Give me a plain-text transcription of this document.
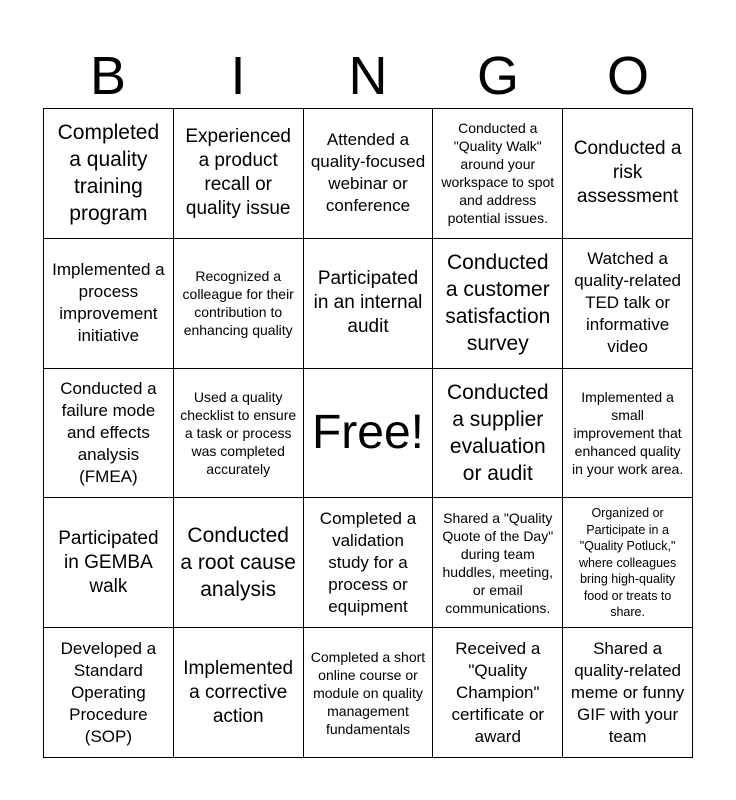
B	I	N	G	O
Completed a quality training program
Experienced a product recall or quality issue
Attended a quality-focused webinar or conference
Conducted a "Quality Walk" around your workspace to spot and address potential issues.
Conducted a risk assessment
Implemented a process improvement initiative
Recognized a colleague for their contribution to enhancing quality
Participated in an internal audit
Conducted a customer satisfaction survey
Watched a quality-related TED talk or informative video
Conducted a failure mode and effects analysis (FMEA)
Used a quality checklist to ensure a task or process was completed accurately
Free!
Conducted a supplier evaluation or audit
Implemented a small improvement that enhanced quality in your work area.
Participated in GEMBA walk
Conducted a root cause analysis
Completed a validation study for a process or equipment
Shared a "Quality Quote of the Day" during team huddles, meeting, or email communications.
Organized or Participate in a "Quality Potluck," where colleagues bring high-quality food or treats to share.
Developed a Standard Operating Procedure (SOP)
Implemented a corrective action
Completed a short online course or module on quality management fundamentals
Received a "Quality Champion" certificate or award
Shared a quality-related meme or funny GIF with your team
